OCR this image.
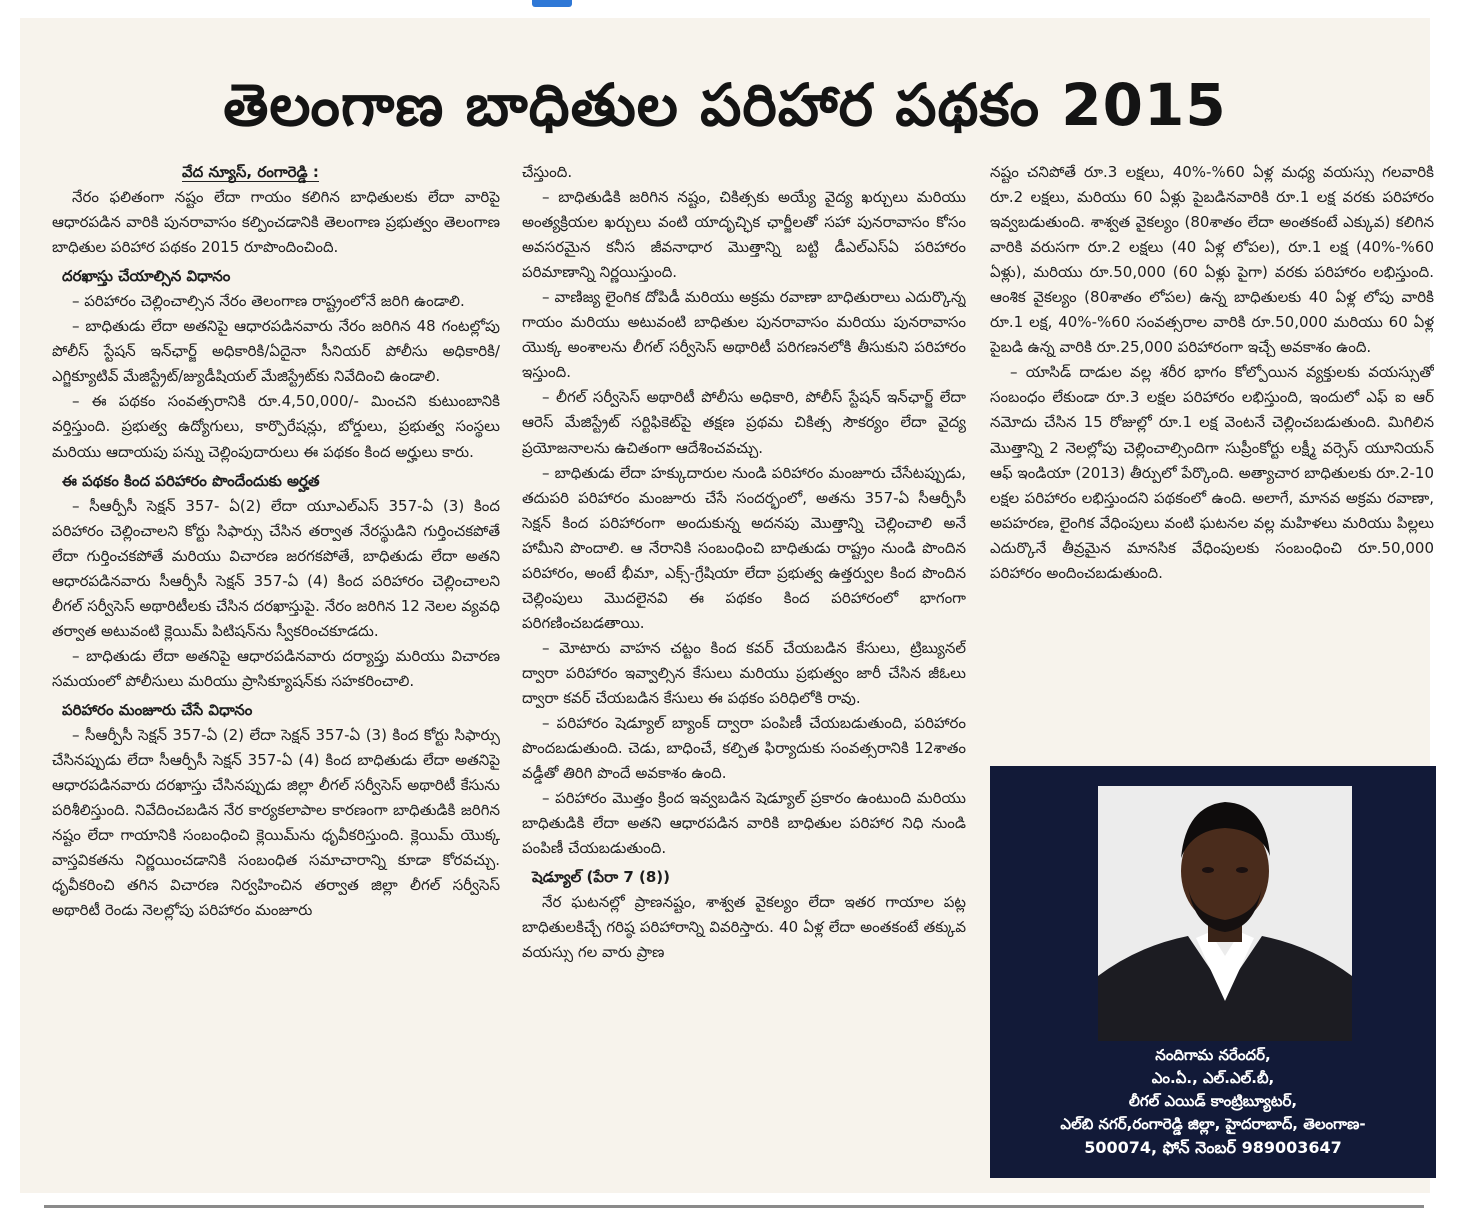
తెలంగాణ బాధితుల పరిహార పథకం 2015

వేద న్యూస్, రంగారెడ్డి :

నేరం ఫలితంగా నష్టం లేదా గాయం కలిగిన బాధితులకు లేదా వారిపై ఆధారపడిన వారికి పునరావాసం కల్పించడానికి తెలంగాణ ప్రభుత్వం తెలంగాణ బాధితుల పరిహార పథకం 2015 రూపొందించింది.

దరఖాస్తు చేయాల్సిన విధానం

– పరిహారం చెల్లించాల్సిన నేరం తెలంగాణ రాష్ట్రంలోనే జరిగి ఉండాలి.

– బాధితుడు లేదా అతనిపై ఆధారపడినవారు నేరం జరిగిన 48 గంటల్లోపు పోలీస్ స్టేషన్ ఇన్‌ఛార్జ్ అధికారికి/ఏదైనా సీనియర్ పోలీసు అధికారికి/ఎగ్జిక్యూటివ్ మేజిస్ట్రేట్/జ్యుడీషియల్ మేజిస్ట్రేట్‌కు నివేదించి ఉండాలి.

– ఈ పథకం సంవత్సరానికి రూ.4,50,000/- మించని కుటుంబానికి వర్తిస్తుంది. ప్రభుత్వ ఉద్యోగులు, కార్పొరేషన్లు, బోర్డులు, ప్రభుత్వ సంస్థలు మరియు ఆదాయపు పన్ను చెల్లింపుదారులు ఈ పథకం కింద అర్హులు కారు.

ఈ పథకం కింద పరిహారం పొందేందుకు అర్హత

– సీఆర్పీసీ సెక్షన్ 357- ఏ(2) లేదా యూఎల్ఎస్ 357-ఏ (3) కింద పరిహారం చెల్లించాలని కోర్టు సిఫార్సు చేసిన తర్వాత నేరస్థుడిని గుర్తించకపోతే లేదా గుర్తించకపోతే మరియు విచారణ జరగకపోతే, బాధితుడు లేదా అతని ఆధారపడినవారు సీఆర్పీసీ సెక్షన్ 357-ఏ (4) కింద పరిహారం చెల్లించాలని లీగల్ సర్వీసెస్ అథారిటీలకు చేసిన దరఖాస్తుపై. నేరం జరిగిన 12 నెలల వ్యవధి తర్వాత అటువంటి క్లెయిమ్ పిటిషన్‌ను స్వీకరించకూడదు.

– బాధితుడు లేదా అతనిపై ఆధారపడినవారు దర్యాప్తు మరియు విచారణ సమయంలో పోలీసులు మరియు ప్రాసిక్యూషన్‌కు సహకరించాలి.

పరిహారం మంజూరు చేసే విధానం

– సీఆర్పీసీ సెక్షన్ 357-ఏ (2) లేదా సెక్షన్ 357-ఏ (3) కింద కోర్టు సిఫార్సు చేసినప్పుడు లేదా సీఆర్పీసీ సెక్షన్ 357-ఏ (4) కింద బాధితుడు లేదా అతనిపై ఆధారపడినవారు దరఖాస్తు చేసినప్పుడు జిల్లా లీగల్ సర్వీసెస్ అథారిటీ కేసును పరిశీలిస్తుంది. నివేదించబడిన నేర కార్యకలాపాల కారణంగా బాధితుడికి జరిగిన నష్టం లేదా గాయానికి సంబంధించి క్లెయిమ్‌ను ధృవీకరిస్తుంది. క్లెయిమ్ యొక్క వాస్తవికతను నిర్ణయించడానికి సంబంధిత సమాచారాన్ని కూడా కోరవచ్చు. ధృవీకరించి తగిన విచారణ నిర్వహించిన తర్వాత జిల్లా లీగల్ సర్వీసెస్ అథారిటీ రెండు నెలల్లోపు పరిహారం మంజూరు

చేస్తుంది.

– బాధితుడికి జరిగిన నష్టం, చికిత్సకు అయ్యే వైద్య ఖర్చులు మరియు అంత్యక్రియల ఖర్చులు వంటి యాదృచ్ఛిక ఛార్జీలతో సహా పునరావాసం కోసం అవసరమైన కనీస జీవనాధార మొత్తాన్ని బట్టి డీఎల్ఎస్ఏ పరిహారం పరిమాణాన్ని నిర్ణయిస్తుంది.

– వాణిజ్య లైంగిక దోపిడీ మరియు అక్రమ రవాణా బాధితురాలు ఎదుర్కొన్న గాయం మరియు అటువంటి బాధితుల పునరావాసం మరియు పునరావాసం యొక్క అంశాలను లీగల్ సర్వీసెస్ అథారిటీ పరిగణనలోకి తీసుకుని పరిహారం ఇస్తుంది.

– లీగల్ సర్వీసెస్ అథారిటీ పోలీసు అధికారి, పోలీస్ స్టేషన్ ఇన్‌ఛార్జ్ లేదా ఆరెస్ మేజిస్ట్రేట్ సర్టిఫికెట్‌పై తక్షణ ప్రథమ చికిత్స సౌకర్యం లేదా వైద్య ప్రయోజనాలను ఉచితంగా ఆదేశించవచ్చు.

– బాధితుడు లేదా హక్కుదారుల నుండి పరిహారం మంజూరు చేసేటప్పుడు, తదుపరి పరిహారం మంజూరు చేసే సందర్భంలో, అతను 357-ఏ సీఆర్పీసీ సెక్షన్ కింద పరిహారంగా అందుకున్న అదనపు మొత్తాన్ని చెల్లించాలి అనే హామీని పొందాలి. ఆ నేరానికి సంబంధించి బాధితుడు రాష్ట్రం నుండి పొందిన పరిహారం, అంటే భీమా, ఎక్స్-గ్రేషియా లేదా ప్రభుత్వ ఉత్తర్వుల కింద పొందిన చెల్లింపులు మొదలైనవి ఈ పథకం కింద పరిహారంలో భాగంగా పరిగణించబడతాయి.

– మోటారు వాహన చట్టం కింద కవర్ చేయబడిన కేసులు, ట్రిబ్యునల్ ద్వారా పరిహారం ఇవ్వాల్సిన కేసులు మరియు ప్రభుత్వం జారీ చేసిన జీఓలు ద్వారా కవర్ చేయబడిన కేసులు ఈ పథకం పరిధిలోకి రావు.

– పరిహారం షెడ్యూల్ బ్యాంక్ ద్వారా పంపిణీ చేయబడుతుంది, పరిహారం పొందబడుతుంది. చెడు, బాధించే, కల్పిత ఫిర్యాదుకు సంవత్సరానికి 12శాతం వడ్డీతో తిరిగి పొందే అవకాశం ఉంది.

– పరిహారం మొత్తం క్రింద ఇవ్వబడిన షెడ్యూల్ ప్రకారం ఉంటుంది మరియు బాధితుడికి లేదా అతని ఆధారపడిన వారికి బాధితుల పరిహార నిధి నుండి పంపిణీ చేయబడుతుంది.

షెడ్యూల్ (పేరా 7 (8))

నేర ఘటనల్లో ప్రాణనష్టం, శాశ్వత వైకల్యం లేదా ఇతర గాయాల పట్ల బాధితులకిచ్చే గరిష్ఠ పరిహారాన్ని వివరిస్తారు. 40 ఏళ్ల లేదా అంతకంటే తక్కువ వయస్సు గల వారు ప్రాణ

నష్టం చనిపోతే రూ.3 లక్షలు, 40%-%60 ఏళ్ల మధ్య వయస్సు గలవారికి రూ.2 లక్షలు, మరియు 60 ఏళ్లు పైబడినవారికి రూ.1 లక్ష వరకు పరిహారం ఇవ్వబడుతుంది. శాశ్వత వైకల్యం (80శాతం లేదా అంతకంటే ఎక్కువ) కలిగిన వారికి వరుసగా రూ.2 లక్షలు (40 ఏళ్ల లోపల), రూ.1 లక్ష (40%-%60 ఏళ్లు), మరియు రూ.50,000 (60 ఏళ్లు పైగా) వరకు పరిహారం లభిస్తుంది. ఆంశిక వైకల్యం (80శాతం లోపల) ఉన్న బాధితులకు 40 ఏళ్ల లోపు వారికి రూ.1 లక్ష, 40%-%60 సంవత్సరాల వారికి రూ.50,000 మరియు 60 ఏళ్ల పైబడి ఉన్న వారికి రూ.25,000 పరిహారంగా ఇచ్చే అవకాశం ఉంది.

– యాసిడ్ దాడుల వల్ల శరీర భాగం కోల్పోయిన వ్యక్తులకు వయస్సుతో సంబంధం లేకుండా రూ.3 లక్షల పరిహారం లభిస్తుంది, ఇందులో ఎఫ్ ఐ ఆర్ నమోదు చేసిన 15 రోజుల్లో రూ.1 లక్ష వెంటనే చెల్లించబడుతుంది. మిగిలిన మొత్తాన్ని 2 నెలల్లోపు చెల్లించాల్సిందిగా సుప్రీంకోర్టు లక్ష్మీ వర్సెస్ యూనియన్ ఆఫ్ ఇండియా (2013) తీర్పులో పేర్కొంది. అత్యాచార బాధితులకు రూ.2-10 లక్షల పరిహారం లభిస్తుందని పథకంలో ఉంది. అలాగే, మానవ అక్రమ రవాణా, అపహరణ, లైంగిక వేధింపులు వంటి ఘటనల వల్ల మహిళలు మరియు పిల్లలు ఎదుర్కొనే తీవ్రమైన మానసిక వేధింపులకు సంబంధించి రూ.50,000 పరిహారం అందించబడుతుంది.

నందిగామ నరేందర్,
ఎం.ఏ., ఎల్.ఎల్.బీ,
లీగల్ ఎయిడ్ కాంట్రిబ్యూటర్,
ఎల్‌బి నగర్,రంగారెడ్డి జిల్లా, హైదరాబాద్, తెలంగాణ-
500074, ఫోన్ నెంబర్ 989003647
